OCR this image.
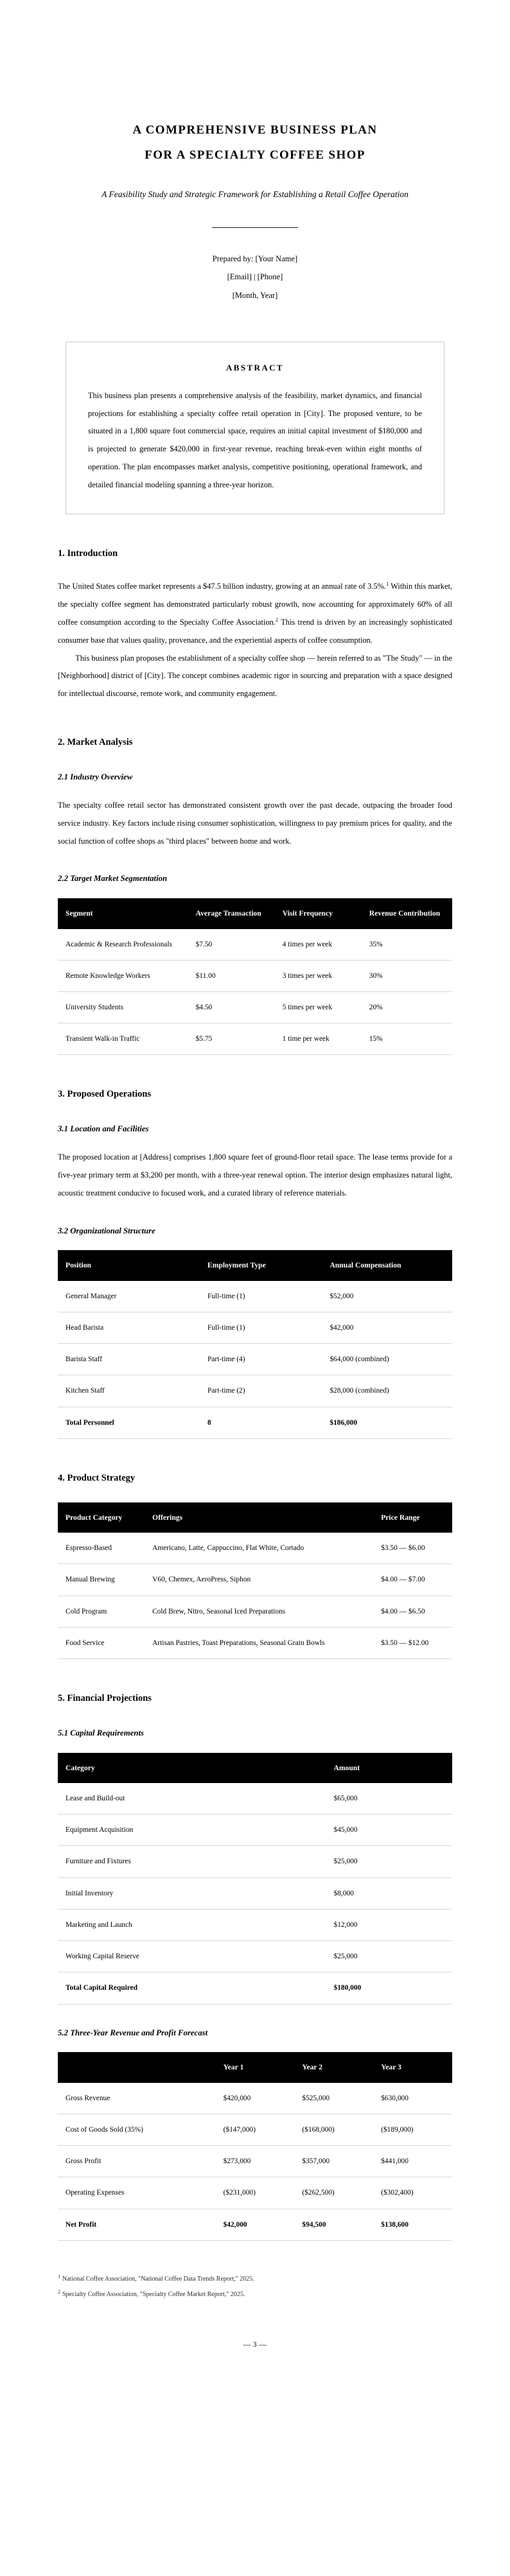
A COMPREHENSIVE BUSINESS PLAN
FOR A SPECIALTY COFFEE SHOP
A Feasibility Study and Strategic Framework for Establishing a Retail Coffee Operation
Prepared by: [Your Name]
[Email] | [Phone]
[Month, Year]
ABSTRACT

This business plan presents a comprehensive analysis of the feasibility, market dynamics, and financial projections for establishing a specialty coffee retail operation in [City]. The proposed venture, to be situated in a 1,800 square foot commercial space, requires an initial capital investment of $180,000 and is projected to generate $420,000 in first-year revenue, reaching break-even within eight months of operation. The plan encompasses market analysis, competitive positioning, operational framework, and detailed financial modeling spanning a three-year horizon.

1. Introduction

The United States coffee market represents a $47.5 billion industry, growing at an annual rate of 3.5%.$^1$ Within this market, the specialty coffee segment has demonstrated particularly robust growth, now accounting for approximately 60% of all coffee consumption according to the Specialty Coffee Association.$^2$ This trend is driven by an increasingly sophisticated consumer base that values quality, provenance, and the experiential aspects of coffee consumption.

This business plan proposes the establishment of a specialty coffee shop — herein referred to as "The Study" — in the [Neighborhood] district of [City]. The concept combines academic rigor in sourcing and preparation with a space designed for intellectual discourse, remote work, and community engagement.

2. Market Analysis
2.1 Industry Overview

The specialty coffee retail sector has demonstrated consistent growth over the past decade, outpacing the broader food service industry. Key factors include rising consumer sophistication, willingness to pay premium prices for quality, and the social function of coffee shops as "third places" between home and work.

2.2 Target Market Segmentation
Segment	Average Transaction	Visit Frequency	Revenue Contribution
Academic & Research Professionals	$7.50	4 times per week	35%
Remote Knowledge Workers	$11.00	3 times per week	30%
University Students	$4.50	5 times per week	20%
Transient Walk-in Traffic	$5.75	1 time per week	15%
3. Proposed Operations
3.1 Location and Facilities

The proposed location at [Address] comprises 1,800 square feet of ground-floor retail space. The lease terms provide for a five-year primary term at $3,200 per month, with a three-year renewal option. The interior design emphasizes natural light, acoustic treatment conducive to focused work, and a curated library of reference materials.

3.2 Organizational Structure
Position	Employment Type	Annual Compensation
General Manager	Full-time (1)	$52,000
Head Barista	Full-time (1)	$42,000
Barista Staff	Part-time (4)	$64,000 (combined)
Kitchen Staff	Part-time (2)	$28,000 (combined)
Total Personnel	8	$186,000
4. Product Strategy
Product Category	Offerings	Price Range
Espresso-Based	Americano, Latte, Cappuccino, Flat White, Cortado	$3.50 — $6.00
Manual Brewing	V60, Chemex, AeroPress, Siphon	$4.00 — $7.00
Cold Program	Cold Brew, Nitro, Seasonal Iced Preparations	$4.00 — $6.50
Food Service	Artisan Pastries, Toast Preparations, Seasonal Grain Bowls	$3.50 — $12.00
5. Financial Projections
5.1 Capital Requirements
Category	Amount
Lease and Build-out	$65,000
Equipment Acquisition	$45,000
Furniture and Fixtures	$25,000
Initial Inventory	$8,000
Marketing and Launch	$12,000
Working Capital Reserve	$25,000
Total Capital Required	$180,000
5.2 Three-Year Revenue and Profit Forecast
	Year 1	Year 2	Year 3
Gross Revenue	$420,000	$525,000	$630,000
Cost of Goods Sold (35%)	($147,000)	($168,000)	($189,000)
Gross Profit	$273,000	$357,000	$441,000
Operating Expenses	($231,000)	($262,500)	($302,400)
Net Profit	$42,000	$94,500	$138,600

$^1$ National Coffee Association, "National Coffee Data Trends Report," 2025.

$^2$ Specialty Coffee Association, "Specialty Coffee Market Report," 2025.

— 3 —
